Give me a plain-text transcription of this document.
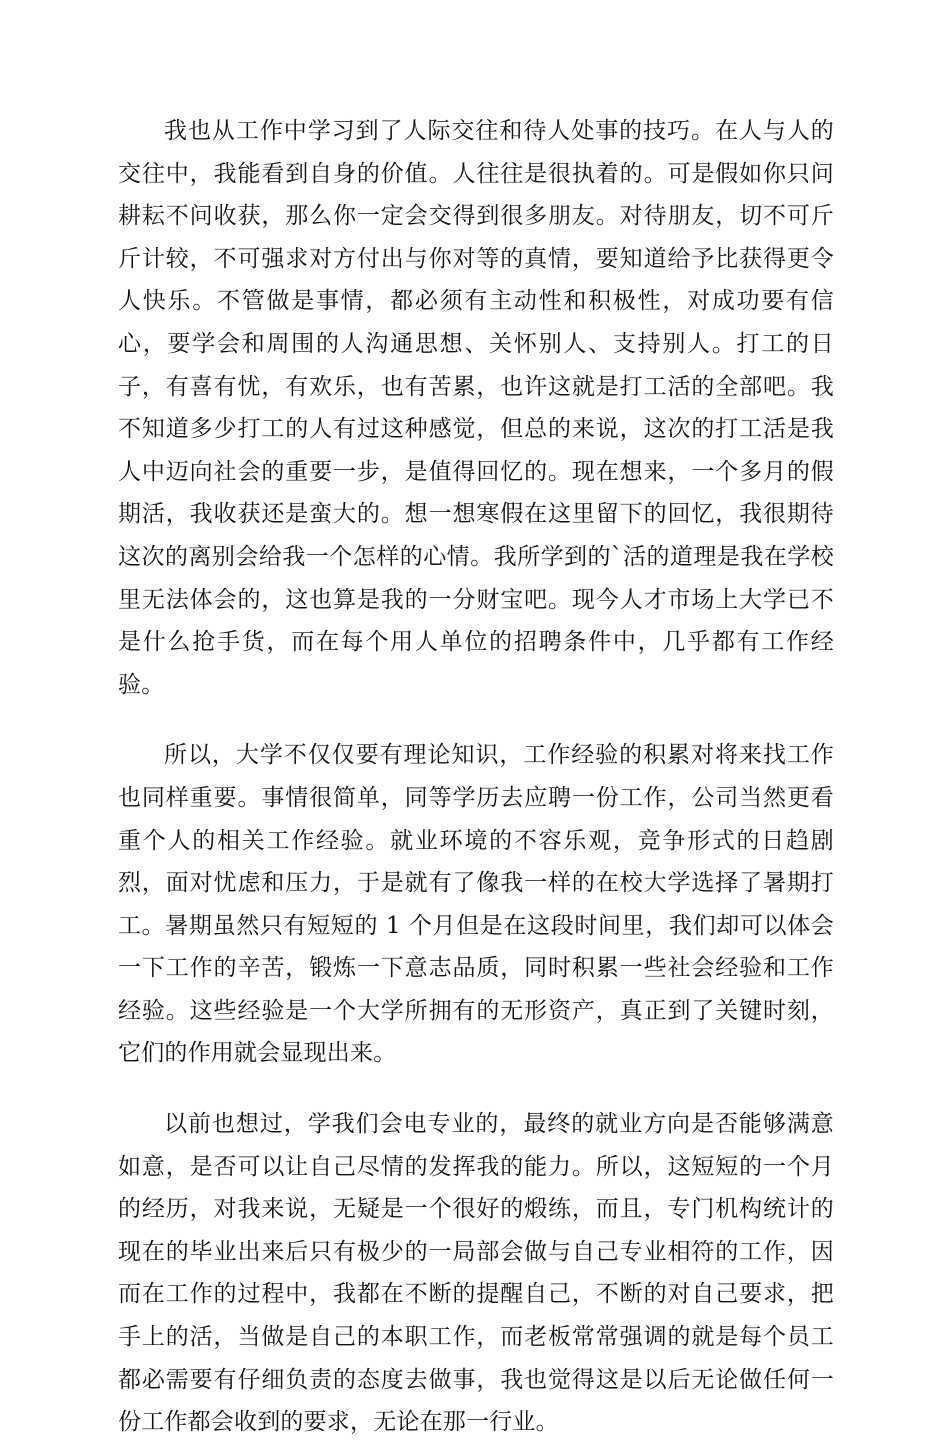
我也从工作中学习到了人际交往和待人处事的技巧。在人与人的交往中，我能看到自身的价值。人往往是很执着的。可是假如你只问耕耘不问收获，那么你一定会交得到很多朋友。对待朋友，切不可斤斤计较，不可强求对方付出与你对等的真情，要知道给予比获得更令人快乐。不管做是事情，都必须有主动性和积极性，对成功要有信心，要学会和周围的人沟通思想、关怀别人、支持别人。打工的日子，有喜有忧，有欢乐，也有苦累，也许这就是打工活的全部吧。我不知道多少打工的人有过这种感觉，但总的来说，这次的打工活是我人中迈向社会的重要一步，是值得回忆的。现在想来，一个多月的假期活，我收获还是蛮大的。想一想寒假在这里留下的回忆，我很期待这次的离别会给我一个怎样的心情。我所学到的`活的道理是我在学校里无法体会的，这也算是我的一分财宝吧。现今人才市场上大学已不是什么抢手货，而在每个用人单位的招聘条件中，几乎都有工作经验。

所以，大学不仅仅要有理论知识，工作经验的积累对将来找工作也同样重要。事情很简单，同等学历去应聘一份工作，公司当然更看重个人的相关工作经验。就业环境的不容乐观，竞争形式的日趋剧烈，面对忧虑和压力，于是就有了像我一样的在校大学选择了暑期打工。暑期虽然只有短短的 1 个月但是在这段时间里，我们却可以体会一下工作的辛苦，锻炼一下意志品质，同时积累一些社会经验和工作经验。这些经验是一个大学所拥有的无形资产，真正到了关键时刻，它们的作用就会显现出来。

以前也想过，学我们会电专业的，最终的就业方向是否能够满意如意，是否可以让自己尽情的发挥我的能力。所以，这短短的一个月的经历，对我来说，无疑是一个很好的煅练，而且，专门机构统计的现在的毕业出来后只有极少的一局部会做与自己专业相符的工作，因而在工作的过程中，我都在不断的提醒自己，不断的对自己要求，把手上的活，当做是自己的本职工作，而老板常常强调的就是每个员工都必需要有仔细负责的态度去做事，我也觉得这是以后无论做任何一份工作都会收到的要求，无论在那一行业。
